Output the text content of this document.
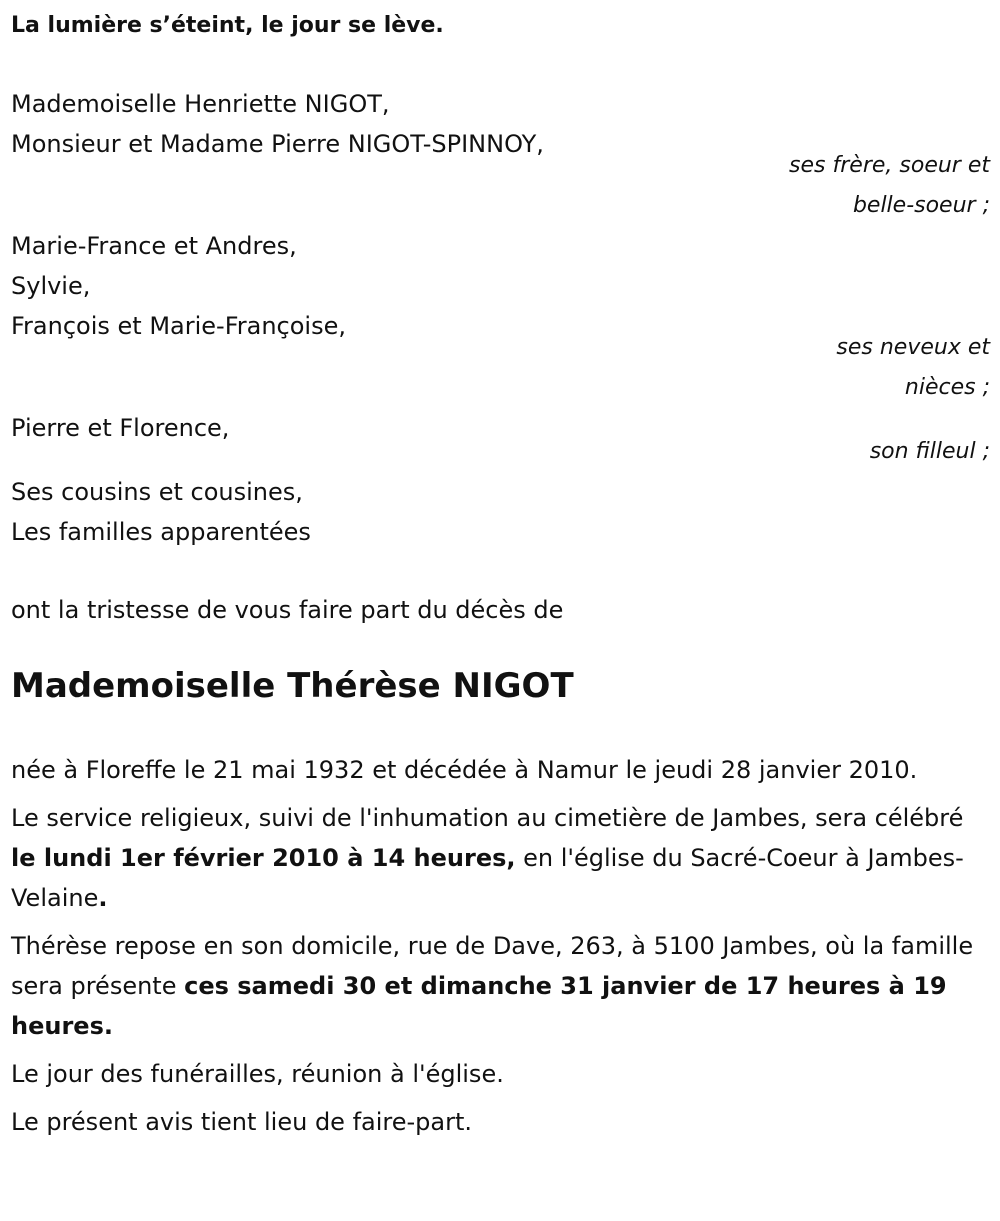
La lumière s’éteint, le jour se lève.

Mademoiselle Henriette NIGOT,

Monsieur et Madame Pierre NIGOT-SPINNOY,

ses frère, soeur et

belle-soeur ;

Marie-France et Andres,

Sylvie,

François et Marie-Françoise,

ses neveux et

nièces ;

Pierre et Florence,

son filleul ;

Ses cousins et cousines,

Les familles apparentées

ont la tristesse de vous faire part du décès de

Mademoiselle Thérèse NIGOT

née à Floreffe le 21 mai 1932 et décédée à Namur le jeudi 28 janvier 2010.

Le service religieux, suivi de l'inhumation au cimetière de Jambes, sera célébré le lundi 1er février 2010 à 14 heures, en l'église du Sacré-Coeur à Jambes-Velaine.

Thérèse repose en son domicile, rue de Dave, 263, à 5100 Jambes, où la famille sera présente ces samedi 30 et dimanche 31 janvier de 17 heures à 19 heures.

Le jour des funérailles, réunion à l'église.

Le présent avis tient lieu de faire-part.
